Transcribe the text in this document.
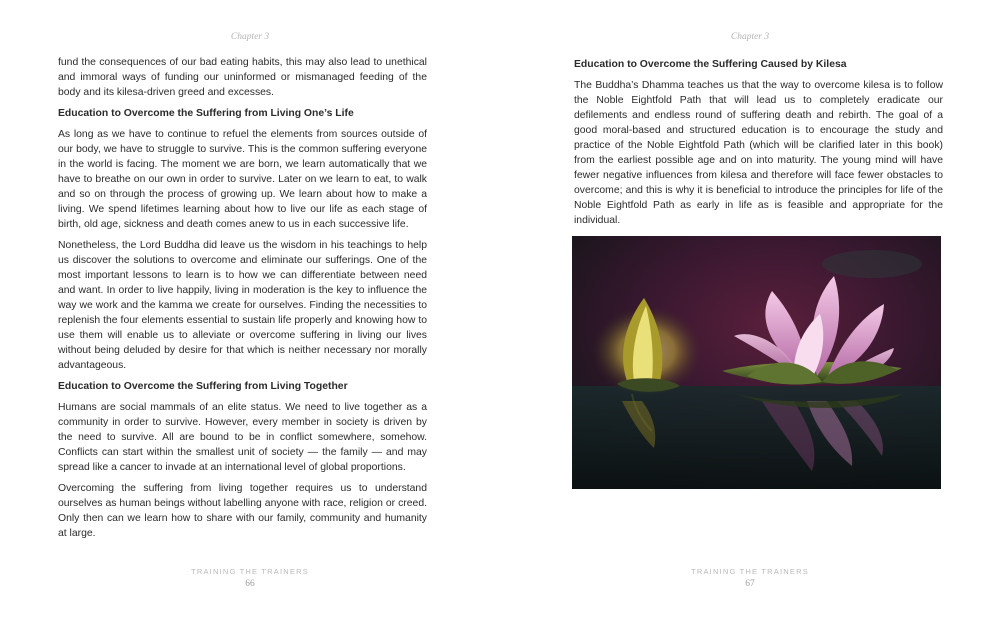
Chapter 3

fund the consequences of our bad eating habits, this may also lead to unethical and immoral ways of funding our uninformed or mismanaged feeding of the body and its kilesa-driven greed and excesses.

Education to Overcome the Suffering from Living One’s Life

As long as we have to continue to refuel the elements from sources outside of our body, we have to struggle to survive. This is the common suffering everyone in the world is facing. The moment we are born, we learn automatically that we have to breathe on our own in order to survive. Later on we learn to eat, to walk and so on through the process of growing up. We learn about how to make a living. We spend lifetimes learning about how to live our life as each stage of birth, old age, sickness and death comes anew to us in each successive life.

Nonetheless, the Lord Buddha did leave us the wisdom in his teachings to help us discover the solutions to overcome and eliminate our sufferings. One of the most important lessons to learn is to how we can differentiate between need and want. In order to live happily, living in moderation is the key to influence the way we work and the kamma we create for ourselves. Finding the necessities to replenish the four elements essential to sustain life properly and knowing how to use them will enable us to alleviate or overcome suffering in living our lives without being deluded by desire for that which is neither necessary nor morally advantageous.

Education to Overcome the Suffering from Living Together

Humans are social mammals of an elite status. We need to live together as a community in order to survive. However, every member in society is driven by the need to survive. All are bound to be in conflict somewhere, somehow. Conflicts can start within the smallest unit of society — the family — and may spread like a cancer to invade at an international level of global proportions.

Overcoming the suffering from living together requires us to understand ourselves as human beings without labelling anyone with race, religion or creed. Only then can we learn how to share with our family, community and humanity at large.

TRAINING THE TRAINERS
66
Chapter 3
Education to Overcome the Suffering Caused by Kilesa

The Buddha’s Dhamma teaches us that the way to overcome kilesa is to follow the Noble Eightfold Path that will lead us to completely eradicate our defilements and endless round of suffering death and rebirth. The goal of a good moral-based and structured education is to encourage the study and practice of the Noble Eightfold Path (which will be clarified later in this book) from the earliest possible age and on into maturity. The young mind will have fewer negative influences from kilesa and therefore will face fewer obstacles to overcome; and this is why it is beneficial to introduce the principles for life of the Noble Eightfold Path as early in life as is feasible and appropriate for the individual.

TRAINING THE TRAINERS
67
